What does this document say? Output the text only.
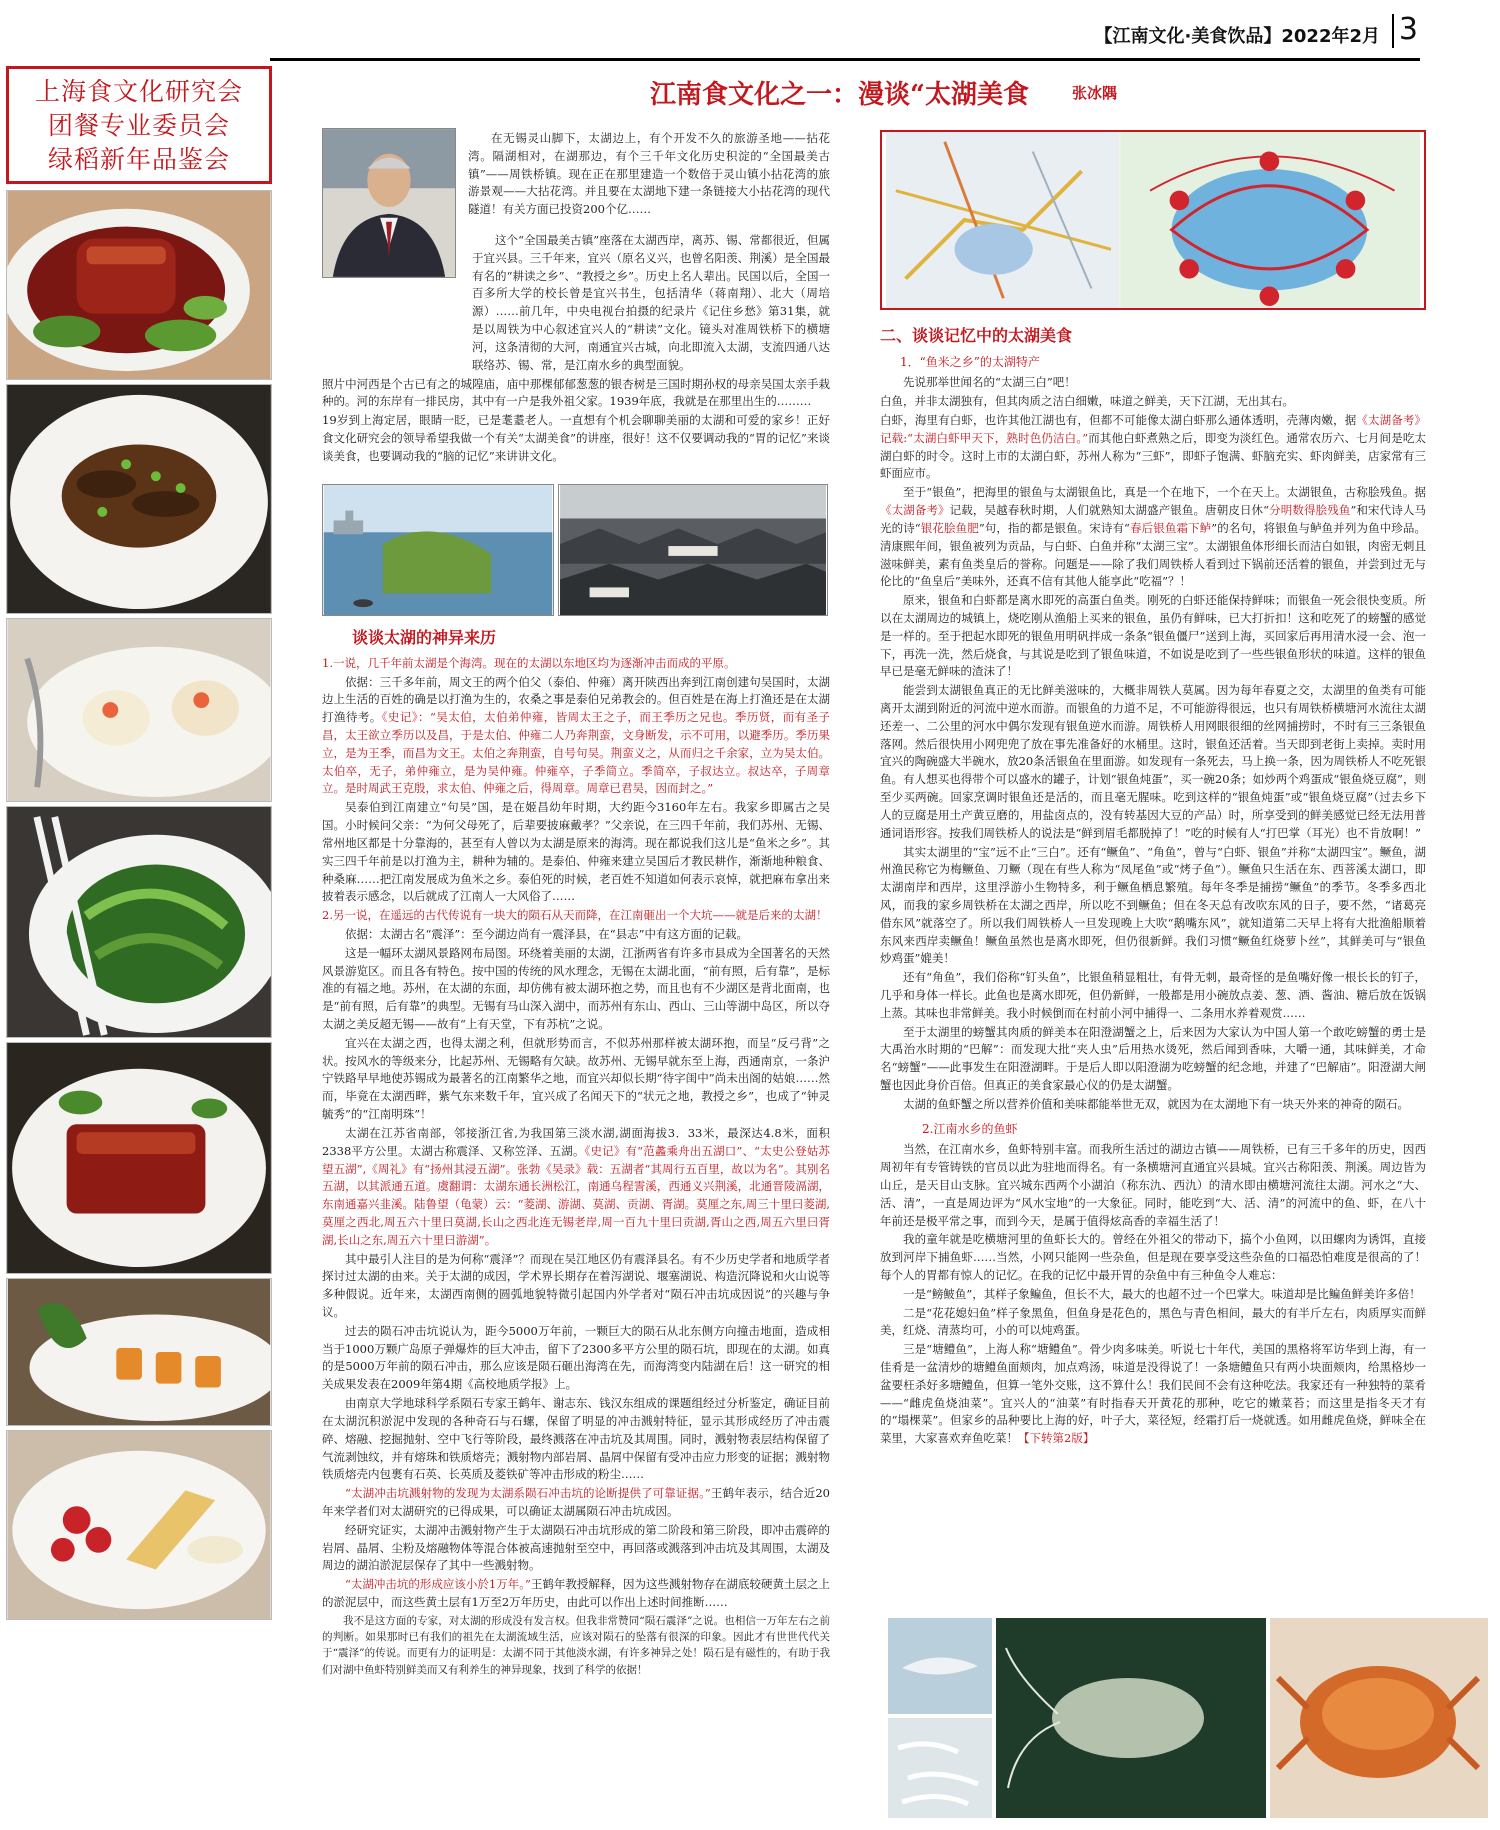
【江南文化·美食饮品】2022年2月 3
上海食文化研究会
团餐专业委员会
绿稻新年品鉴会
江南食文化之一：漫谈“太湖美食	张冰隅

在无锡灵山脚下，太湖边上，有个开发不久的旅游圣地——拈花湾。隔湖相对，在湖那边，有个三千年文化历史积淀的“全国最美古镇”——周铁桥镇。现在正在那里建造一个数倍于灵山镇小拈花湾的旅游景观——大拈花湾。并且要在太湖地下建一条链接大小拈花湾的现代隧道！有关方面已投资200个亿……

这个“全国最美古镇”座落在太湖西岸，离苏、锡、常都很近，但属于宜兴县。三千年来，宜兴（原名义兴，也曾名阳羡、荆溪）是全国最有名的“耕读之乡”、“教授之乡”。历史上名人辈出。民国以后，全国一百多所大学的校长曾是宜兴书生，包括清华（蒋南翔）、北大（周培源）……前几年，中央电视台拍摄的纪录片《记住乡愁》第31集，就是以周铁为中心叙述宜兴人的“耕读”文化。镜头对准周铁桥下的横塘河，这条清彻的大河，南通宜兴古城，向北即流入太湖，支流四通八达联络苏、锡、常，是江南水乡的典型面貌。

照片中河西是个古已有之的城隍庙，庙中那棵郁郁葱葱的银杏树是三国时期孙权的母亲吴国太亲手栽种的。河的东岸有一排民房，其中有一户是我外祖父家。1939年底，我就是在那里出生的………

19岁到上海定居，眼睛一眨，已是耄耋老人。一直想有个机会聊聊美丽的太湖和可爱的家乡！正好食文化研究会的领导希望我做一个有关“太湖美食”的讲座，很好！这不仅要调动我的“胃的记忆”来谈谈美食，也要调动我的“脑的记忆”来讲讲文化。

谈谈太湖的神异来历

1.一说，几千年前太湖是个海湾。现在的太湖以东地区均为逐渐冲击而成的平原。

依据：三千多年前，周文王的两个伯父（泰伯、仲雍）离开陕西出奔到江南创建句吴国时，太湖边上生活的百姓的确是以打渔为生的，农桑之事是泰伯兄弟教会的。但百姓是在海上打渔还是在太湖打渔待考。《史记》：“吴太伯，太伯弟仲雍，皆周太王之子，而王季历之兄也。季历贤，而有圣子昌，太王欲立季历以及昌，于是太伯、仲雍二人乃奔荆蛮，文身断发，示不可用，以避季历。季历果立，是为王季，而昌为文王。太伯之奔荆蛮，自号句吴。荆蛮义之，从而归之千余家，立为吴太伯。太伯卒，无子，弟仲雍立，是为吴仲雍。仲雍卒，子季简立。季简卒，子叔达立。叔达卒，子周章立。是时周武王克殷，求太伯、仲雍之后，得周章。周章已君吴，因而封之。”

吴泰伯到江南建立“句吴”国，是在姬昌幼年时期，大约距今3160年左右。我家乡即属古之吴国。小时候问父亲：“为何父母死了，后辈要披麻戴孝？”父亲说，在三四千年前，我们苏州、无锡、常州地区都是十分靠海的，甚至有人曾以为太湖是原来的海湾。现在都说我们这儿是“鱼米之乡”。其实三四千年前是以打渔为主，耕种为辅的。是泰伯、仲雍来建立吴国后才教民耕作，渐渐地种粮食、种桑麻……把江南发展成为鱼米之乡。泰伯死的时候，老百姓不知道如何表示哀悼，就把麻布拿出来披着表示感念，以后就成了江南人一大风俗了……

2.另一说，在遥远的古代传说有一块大的陨石从天而降，在江南砸出一个大坑——就是后来的太湖！

依据：太湖古名“震泽”：至今湖边尚有一震泽县，在“县志”中有这方面的记载。

这是一幅环太湖风景路网布局图。环绕着美丽的太湖，江浙两省有许多市县成为全国著名的天然风景游览区。而且各有特色。按中国的传统的风水理念，无锡在太湖北面，“前有照，后有靠”，是标准的有福之地。苏州，在太湖的东面，却仿佛有被太湖环抱之势，而且也有不少湖区是背北面南，也是“前有照，后有靠”的典型。无锡有马山深入湖中，而苏州有东山、西山、三山等湖中岛区，所以夺太湖之美反超无锡——故有“上有天堂，下有苏杭”之说。

宜兴在太湖之西，也得太湖之利，但就形势而言，不似苏州那样被太湖环抱，而呈“反弓背”之状。按风水的等级来分，比起苏州、无锡略有欠缺。故苏州、无锡早就东至上海，西通南京，一条沪宁铁路早早地使苏锡成为最著名的江南繁华之地，而宜兴却似长期“待字闺中”尚未出阁的姑娘……然而，毕竟在太湖西畔，紫气东来数千年，宜兴成了名闻天下的“状元之地，教授之乡”，也成了“钟灵毓秀”的“江南明珠”！

太湖在江苏省南部，邻接浙江省,为我国第三淡水湖,湖面海拔3．33米，最深达4.8米，面积2338平方公里。太湖古称震泽、又称笠泽、五湖。《史记》有“范蠡乘舟出五湖口”、“太史公登姑苏望五湖”,《周礼》有“扬州其浸五湖”。张勃《吴录》载：五湖者“其周行五百里，故以为名”。其别名五湖，以其派通五道。虞翻谓：太湖东通长洲松江，南通乌程霅溪，西通义兴荆溪，北通晋陵滆湖，东南通嘉兴韭溪。陆鲁望（龟蒙）云：“菱湖、游湖、莫湖、贡湖、胥湖。莫厘之东,周三十里曰菱湖,莫厘之西北,周五六十里曰莫湖,长山之西北连无锡老岸,周一百九十里曰贡湖,胥山之西,周五六里曰胥湖,长山之东,周五六十里曰游湖”。

其中最引人注目的是为何称“震泽”？而现在吴江地区仍有震泽县名。有不少历史学者和地质学者探讨过太湖的由来。关于太湖的成因，学术界长期存在着泻湖说、堰塞湖说、构造沉降说和火山说等多种假说。近年来，太湖西南侧的圆弧地貌特微引起国内外学者对“陨石冲击坑成因说”的兴趣与争议。

过去的陨石冲击坑说认为，距今5000万年前，一颗巨大的陨石从北东侧方向撞击地面，造成相当于1000万颗广岛原子弹爆炸的巨大冲击，留下了2300多平方公里的陨石坑，即现在的太湖。如真的是5000万年前的陨石冲击，那么应该是陨石砸出海湾在先，而海湾变内陆湖在后！这一研究的相关成果发表在2009年第4期《高校地质学报》上。

由南京大学地球科学系陨石专家王鹤年、谢志东、钱汉东组成的课题组经过分析鉴定，确证目前在太湖沉积淤泥中发现的各种奇石与石螺，保留了明显的冲击溅射特征，显示其形成经历了冲击震碎、熔融、挖掘抛射、空中飞行等阶段，最终溅落在冲击坑及其周围。同时，溅射物表层结构保留了气流剥蚀纹，并有熔珠和铁质熔壳；溅射物内部岩屑、晶屑中保留有受冲击应力形变的证据；溅射物铁质熔壳内包裹有石英、长英质及菱铁矿等冲击形成的粉尘……

“太湖冲击坑溅射物的发现为太湖系陨石冲击坑的论断提供了可靠证据。”王鹤年表示，结合近20年来学者们对太湖研究的已得成果，可以确证太湖属陨石冲击坑成因。

经研究证实，太湖冲击溅射物产生于太湖陨石冲击坑形成的第二阶段和第三阶段，即冲击震碎的岩屑、晶屑、尘粉及熔融物体等混合体被高速抛射至空中，再回落或溅落到冲击坑及其周围，太湖及周边的湖泊淤泥层保存了其中一些溅射物。

“太湖冲击坑的形成应该小於1万年。”王鹤年教授解释，因为这些溅射物存在湖底较硬黄土层之上的淤泥层中，而这些黄土层有1万至2万年历史，由此可以作出上述时间推断……

我不是这方面的专家，对太湖的形成没有发言权。但我非常赞同“陨石震泽”之说。也相信一万年左右之前的判断。如果那时已有我们的祖先在太湖流域生活，应该对陨石的坠落有很深的印象。因此才有世世代代关于“震泽”的传说。而更有力的证明是：太湖不同于其他淡水湖，有许多神异之处！陨石是有磁性的，有助于我们对湖中鱼虾特别鲜美而又有利养生的神异现象，找到了科学的依据！

二、谈谈记忆中的太湖美食

1．“鱼米之乡”的太湖特产

先说那举世闻名的“太湖三白”吧！

白鱼，并非太湖独有，但其肉质之洁白细嫩，味道之鲜美，天下江湖，无出其右。

白虾，海里有白虾，也许其他江湖也有，但都不可能像太湖白虾那么通体透明，壳薄肉嫩，据《太湖备考》记载:“太湖白虾甲天下，熟时色仍洁白。”而其他白虾煮熟之后，即变为淡红色。通常农历六、七月间是吃太湖白虾的时令。这时上市的太湖白虾，苏州人称为“三虾”，即虾子饱满、虾脑充实、虾肉鲜美，店家常有三虾面应市。

至于“银鱼”，把海里的银鱼与太湖银鱼比，真是一个在地下，一个在天上。太湖银鱼，古称脍残鱼。据《太湖备考》记载，吴越春秋时期，人们就熟知太湖盛产银鱼。唐朝皮日休“分明数得脍残鱼”和宋代诗人马光的诗“银花脍鱼肥”句，指的都是银鱼。宋诗有“春后银鱼霜下鲈”的名句，将银鱼与鲈鱼并列为鱼中珍品。清康熙年间，银鱼被列为贡品，与白虾、白鱼并称“太湖三宝”。太湖银鱼体形细长而洁白如银，肉密无刺且滋味鲜美，素有鱼类皇后的誉称。问题是——除了我们周铁桥人看到过下锅前还活着的银鱼，并尝到过无与伦比的“鱼皇后”美味外，还真不信有其他人能享此“吃福”？！

原来，银鱼和白虾都是离水即死的高蛋白鱼类。刚死的白虾还能保持鲜味；而银鱼一死会很快变质。所以在太湖周边的城镇上，烧吃刚从渔船上买来的银鱼，虽仍有鲜味，已大打折扣！这和吃死了的螃蟹的感觉是一样的。至于把起水即死的银鱼用明矾拌成一条条“银鱼僵尸”送到上海，买回家后再用清水浸一会、泡一下，再洗一洗，然后烧食，与其说是吃到了银鱼味道，不如说是吃到了一些些银鱼形状的味道。这样的银鱼早已是毫无鲜味的渣沫了！

能尝到太湖银鱼真正的无比鲜美滋味的，大概非周铁人莫属。因为每年春夏之交，太湖里的鱼类有可能离开太湖到附近的河流中逆水而游。而银鱼的力道不足，不可能游得很远，也只有周铁桥横塘河水流往太湖还差一、二公里的河水中偶尔发现有银鱼逆水而游。周铁桥人用网眼很细的丝网捕捞时，不时有三三条银鱼落网。然后很快用小网兜兜了放在事先准备好的水桶里。这时，银鱼还活着。当天即到老街上卖掉。卖时用宜兴的陶碗盛大半碗水，放20条活银鱼在里面游。如发现有一条死去，马上换一条，因为周铁桥人不吃死银鱼。有人想买也得带个可以盛水的罐子，计划“银鱼炖蛋”，买一碗20条；如炒两个鸡蛋成“银鱼烧豆腐”，则至少买两碗。回家烹调时银鱼还是活的，而且毫无腥味。吃到这样的“银鱼炖蛋”或“银鱼烧豆腐”（过去乡下人的豆腐是用土产黄豆磨的，用盐卤点的，没有转基因大豆的产品）时，所享受到的鲜美感觉已经无法用普通词语形容。按我们周铁桥人的说法是“鲜到眉毛都脱掉了！”吃的时候有人“打巴掌（耳光）也不肯放啊！”

其实太湖里的“宝”远不止“三白”。还有“鳜鱼”、“角鱼”，曾与“白虾、银鱼”并称“太湖四宝”。鳜鱼，湖州渔民称它为梅鳜鱼、刀鳜（现在有些人称为“凤尾鱼”或“烤子鱼”）。鳜鱼只生活在东、西菩溪太湖口，即太湖南岸和西岸，这里浮游小生物特多，利于鳜鱼栖息繁殖。每年冬季是捕捞“鳜鱼”的季节。冬季多西北风，而我的家乡周铁桥在太湖之西岸，所以吃不到鳜鱼；但在冬天总有改吹东风的日子，要不然，“诸葛亮借东风”就落空了。所以我们周铁桥人一旦发现晚上大吹“鹅嘴东风”，就知道第二天早上将有大批渔船顺着东风来西岸卖鳜鱼！鳜鱼虽然也是离水即死，但仍很新鲜。我们习惯“鳜鱼红烧萝卜丝”，其鲜美可与“银鱼炒鸡蛋”媲美！

还有“角鱼”，我们俗称“钉头鱼”，比银鱼稍显粗壮，有骨无刺，最奇怪的是鱼嘴好像一根长长的钉子，几乎和身体一样长。此鱼也是离水即死，但仍新鲜，一般都是用小碗放点姜、葱、酒、酱油、糖后放在饭锅上蒸。其味也非常鲜美。我小时候倒而在村前小河中捕得一、二条用水养着观赏……

至于太湖里的螃蟹其肉质的鲜美本在阳澄湖蟹之上，后来因为大家认为中国人第一个敢吃螃蟹的勇士是大禹治水时期的“巴解”：而发现大批“夹人虫”后用热水烫死，然后闻到香味，大嚼一通，其味鲜美，才命名“螃蟹”——此事发生在阳澄湖畔。于是后人即以阳澄湖为吃螃蟹的纪念地，并建了“巴解庙”。阳澄湖大闸蟹也因此身价百倍。但真正的美食家最心仪的仍是太湖蟹。

太湖的鱼虾蟹之所以营养价值和美味都能举世无双，就因为在太湖地下有一块天外来的神奇的陨石。

2.江南水乡的鱼虾

当然，在江南水乡，鱼虾特别丰富。而我所生活过的湖边古镇——周铁桥，已有三千多年的历史，因西周初年有专管铸铁的官员以此为驻地而得名。有一条横塘河直通宜兴县城。宜兴古称阳羡、荆溪。周边皆为山丘，是天目山支脉。宜兴城东西两个小湖泊（称东氿、西氿）的清水即由横塘河流往太湖。河水之“大、活、清”，一直是周边评为“风水宝地”的一大象征。同时，能吃到“大、活、清”的河流中的鱼、虾，在八十年前还是极平常之事，而到今天，是属于值得炫高香的幸福生活了！

我的童年就是吃横塘河里的鱼虾长大的。曾经在外祖父的带动下，搞个小鱼网，以田螺肉为诱饵，直接放到河岸下捕鱼虾……当然，小网只能网一些杂鱼，但是现在要享受这些杂鱼的口福恐怕难度是很高的了！每个人的胃都有惊人的记忆。在我的记忆中最开胃的杂鱼中有三种鱼令人难忘：

一是“鳑鲏鱼”，其样子象鳊鱼，但长不大，最大的也超不过一个巴掌大。味道却是比鳊鱼鲜美许多倍！

二是“花花媳妇鱼”样子象黑鱼，但鱼身是花色的，黑色与青色相间，最大的有半斤左右，肉质厚实而鲜美，红烧、清蒸均可，小的可以炖鸡蛋。

三是“塘鳢鱼”，上海人称“塘鳢鱼”。骨少肉多味美。听说七十年代，美国的黑格将军访华到上海，有一佳肴是一盆清炒的塘鳢鱼面颊肉，加点鸡汤，味道是没得说了！一条塘鳢鱼只有两小块面颊肉，给黑格炒一盆要枉杀好多塘鳢鱼，但算一笔外交账，这不算什么！我们民间不会有这种吃法。我家还有一种独特的菜肴——“雌虎鱼烧油菜”。宜兴人的“油菜”有时指春天开黄花的那种，吃它的嫩菜苔；而这里是指冬天才有的“塌棵菜”。但家乡的品种要比上海的好，叶子大，菜径短，经霜打后一烧就透。如用雌虎鱼烧，鲜味全在菜里，大家喜欢弃鱼吃菜！【下转第2版】
